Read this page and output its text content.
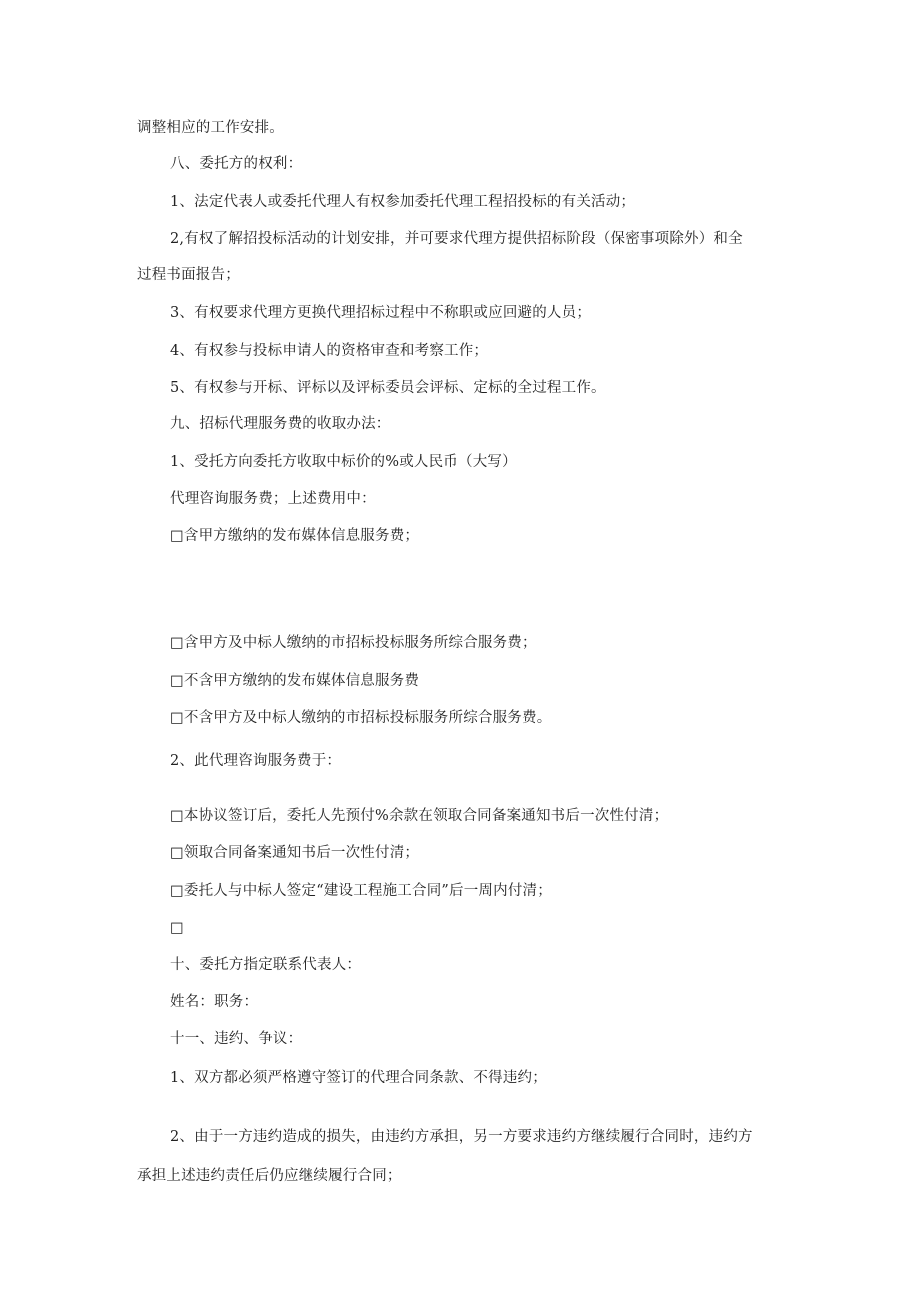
调整相应的工作安排。
八、委托方的权利：
1、法定代表人或委托代理人有权参加委托代理工程招投标的有关活动；
2,有权了解招投标活动的计划安排，并可要求代理方提供招标阶段（保密事项除外）和全
过程书面报告；
3、有权要求代理方更换代理招标过程中不称职或应回避的人员；
4、有权参与投标申请人的资格审查和考察工作；
5、有权参与开标、评标以及评标委员会评标、定标的全过程工作。
九、招标代理服务费的收取办法：
1、受托方向委托方收取中标价的%或人民币（大写）
代理咨询服务费；上述费用中：
□含甲方缴纳的发布媒体信息服务费；
□含甲方及中标人缴纳的市招标投标服务所综合服务费；
□不含甲方缴纳的发布媒体信息服务费
□不含甲方及中标人缴纳的市招标投标服务所综合服务费。
2、此代理咨询服务费于：
□本协议签订后，委托人先预付%余款在领取合同备案通知书后一次性付清；
□领取合同备案通知书后一次性付清；
□委托人与中标人签定“建设工程施工合同”后一周内付清；
□
十、委托方指定联系代表人：
姓名：职务：
十一、违约、争议：
1、双方都必须严格遵守签订的代理合同条款、不得违约；
2、由于一方违约造成的损失，由违约方承担，另一方要求违约方继续履行合同时，违约方
承担上述违约责任后仍应继续履行合同；
